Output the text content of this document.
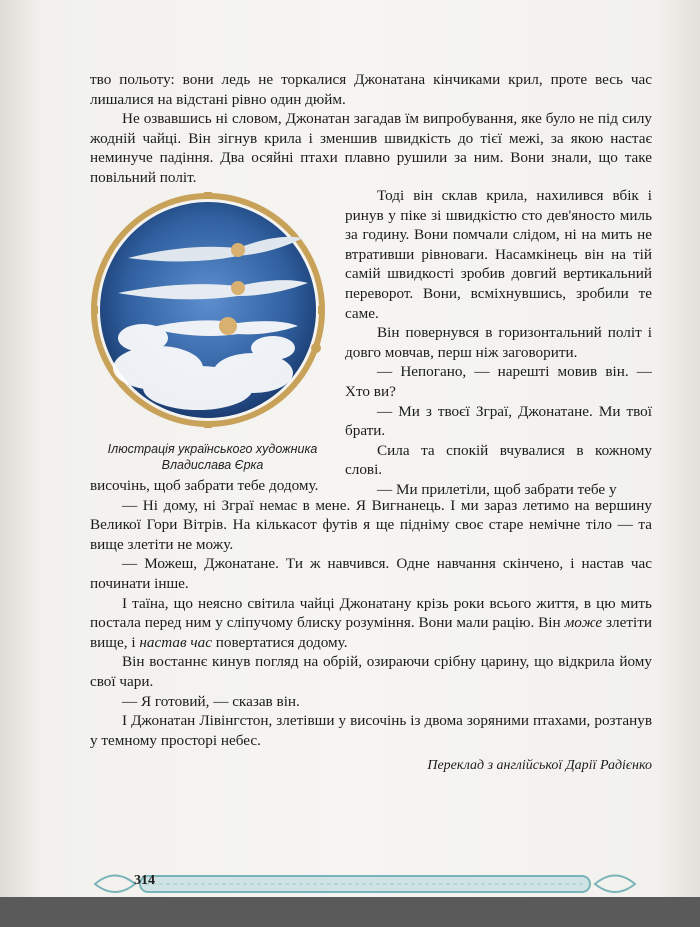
тво польоту: вони ледь не торкалися Джонатана кінчиками крил, проте весь час лишалися на відстані рівно один дюйм.

Не озвавшись ні словом, Джонатан загадав їм випробування, яке було не під силу жодній чайці. Він зігнув крила і зменшив швидкість до тієї межі, за якою настає неминуче падіння. Два осяйні птахи плавно рушили за ним. Вони знали, що таке повільний політ.

Ілюстрація українського художника Владислава Єрка

Тоді він склав крила, нахилився вбік і ринув у піке зі швидкістю сто дев'яносто миль за годину. Вони помчали слідом, ні на мить не втративши рівноваги. Насамкінець він на тій самій швидкості зробив довгий вертикальний переворот. Вони, всміхнувшись, зробили те саме.

Він повернувся в горизонтальний політ і довго мовчав, перш ніж заговорити.

— Непогано, — нарешті мовив він. — Хто ви?

— Ми з твоєї Зграї, Джонатане. Ми твої брати.

Сила та спокій вчувалися в кожному слові.

— Ми прилетіли, щоб забрати тебе у

височінь, щоб забрати тебе додому.

— Ні дому, ні Зграї немає в мене. Я Вигнанець. І ми зараз летимо на вершину Великої Гори Вітрів. На кількасот футів я ще підніму своє старе немічне тіло — та вище злетіти не можу.

— Можеш, Джонатане. Ти ж навчився. Одне навчання скінчено, і настав час починати інше.

І таїна, що неясно світила чайці Джонатану крізь роки всього життя, в цю мить постала перед ним у сліпучому блиску розуміння. Вони мали рацію. Він може злетіти вище, і настав час повертатися додому.

Він востаннє кинув погляд на обрій, озираючи срібну царину, що відкрила йому свої чари.

— Я готовий, — сказав він.

І Джонатан Лівінгстон, злетівши у височінь із двома зоряними птахами, розтанув у темному просторі небес.

Переклад з англійської Дарії Радієнко

314
